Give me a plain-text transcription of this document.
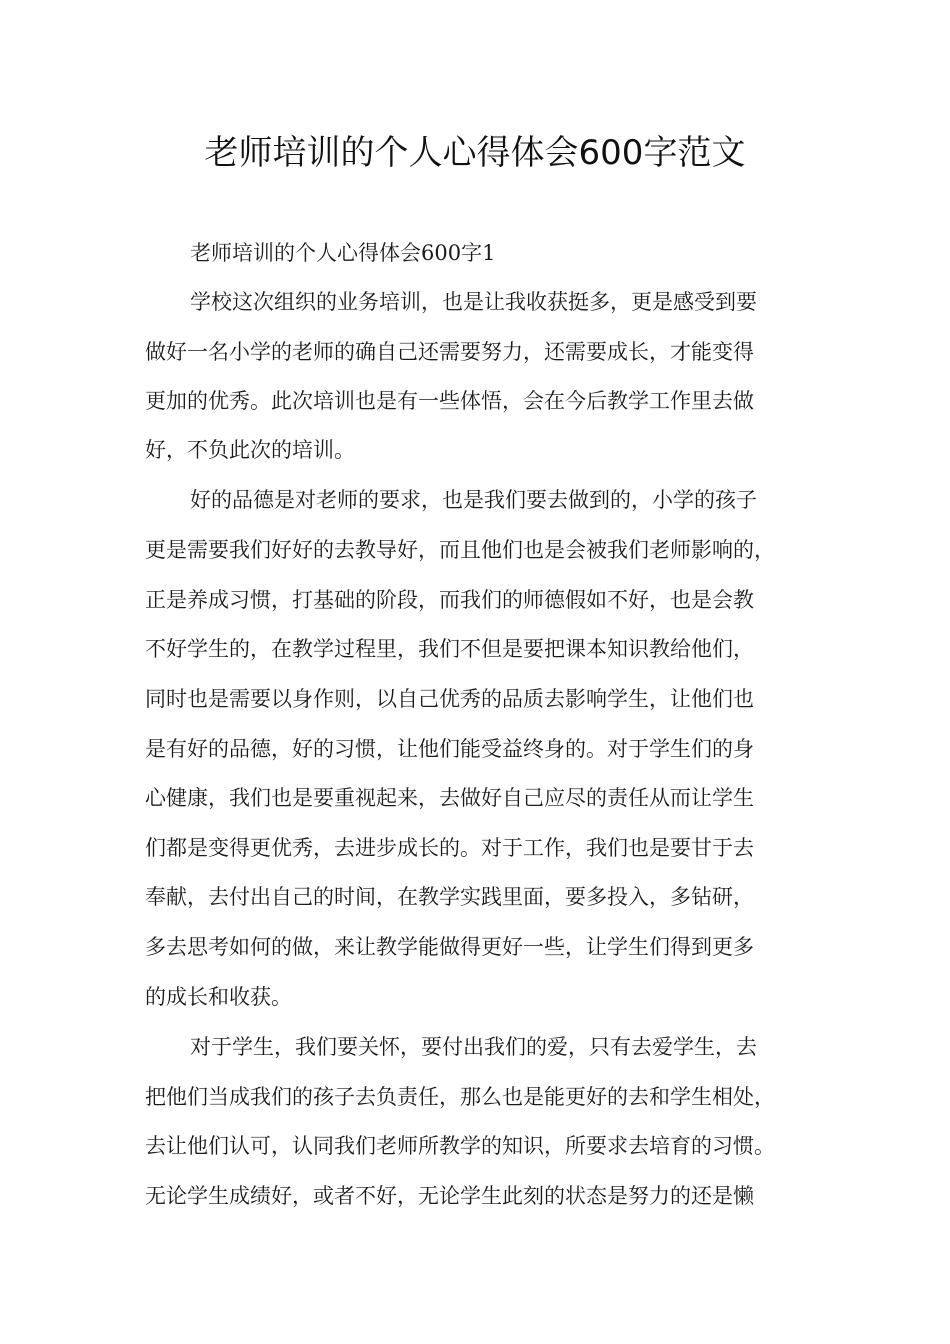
老师培训的个人心得体会600字范文
老师培训的个人心得体会600字1
学校这次组织的业务培训，也是让我收获挺多，更是感受到要
做好一名小学的老师的确自己还需要努力，还需要成长，才能变得
更加的优秀。此次培训也是有一些体悟，会在今后教学工作里去做
好，不负此次的培训。
好的品德是对老师的要求，也是我们要去做到的，小学的孩子
更是需要我们好好的去教导好，而且他们也是会被我们老师影响的，
正是养成习惯，打基础的阶段，而我们的师德假如不好，也是会教
不好学生的，在教学过程里，我们不但是要把课本知识教给他们，
同时也是需要以身作则，以自己优秀的品质去影响学生，让他们也
是有好的品德，好的习惯，让他们能受益终身的。对于学生们的身
心健康，我们也是要重视起来，去做好自己应尽的责任从而让学生
们都是变得更优秀，去进步成长的。对于工作，我们也是要甘于去
奉献，去付出自己的时间，在教学实践里面，要多投入，多钻研，
多去思考如何的做，来让教学能做得更好一些，让学生们得到更多
的成长和收获。
对于学生，我们要关怀，要付出我们的爱，只有去爱学生，去
把他们当成我们的孩子去负责任，那么也是能更好的去和学生相处，
去让他们认可，认同我们老师所教学的知识，所要求去培育的习惯。
无论学生成绩好，或者不好，无论学生此刻的状态是努力的还是懒
